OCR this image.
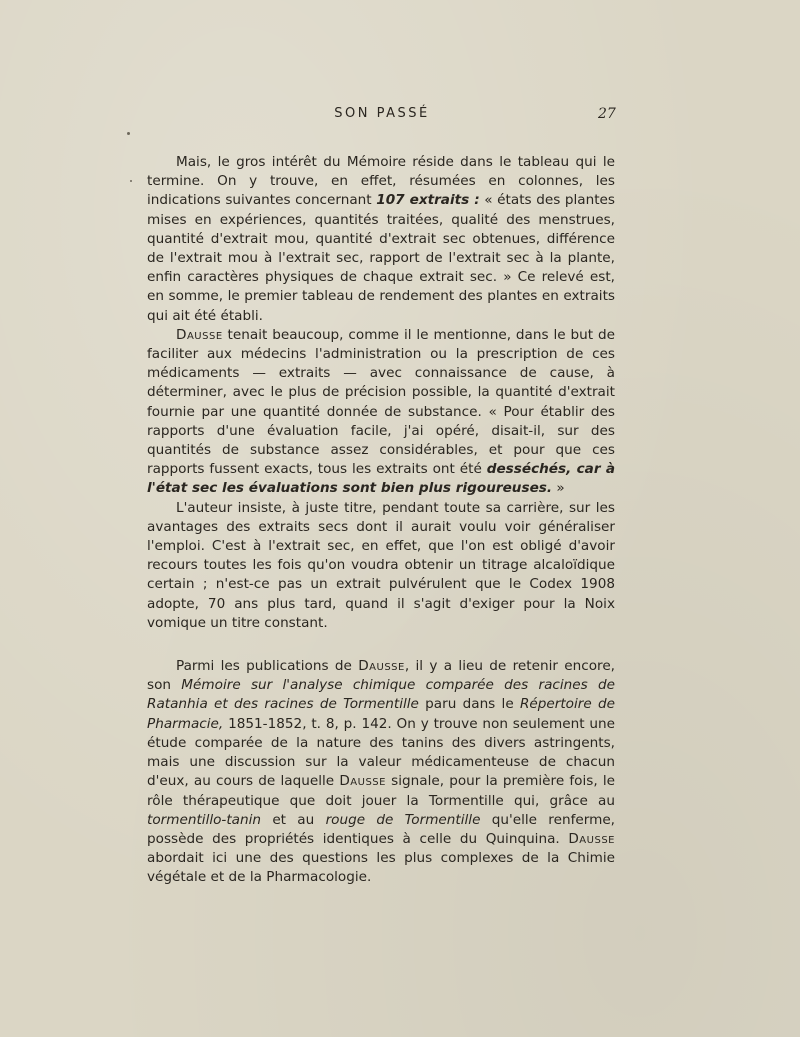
SON PASSÉ	27

Mais, le gros intérêt du Mémoire réside dans le tableau qui le termine. On y trouve, en effet, résumées en colonnes, les indications suivantes concernant 107 extraits : « états des plantes mises en expériences, quantités traitées, qualité des menstrues, quantité d'extrait mou, quantité d'extrait sec obtenues, différence de l'extrait mou à l'extrait sec, rapport de l'extrait sec à la plante, enfin caractères physiques de chaque extrait sec. » Ce relevé est, en somme, le premier tableau de rendement des plantes en extraits qui ait été établi.

Dausse tenait beaucoup, comme il le mentionne, dans le but de faciliter aux médecins l'administration ou la prescription de ces médicaments — extraits — avec connaissance de cause, à déterminer, avec le plus de précision possible, la quantité d'extrait fournie par une quantité donnée de substance. « Pour établir des rapports d'une évaluation facile, j'ai opéré, disait-il, sur des quantités de substance assez considérables, et pour que ces rapports fussent exacts, tous les extraits ont été desséchés, car à l'état sec les évaluations sont bien plus rigoureuses. »

L'auteur insiste, à juste titre, pendant toute sa carrière, sur les avantages des extraits secs dont il aurait voulu voir généraliser l'emploi. C'est à l'extrait sec, en effet, que l'on est obligé d'avoir recours toutes les fois qu'on voudra obtenir un titrage alcaloïdique certain ; n'est-ce pas un extrait pulvérulent que le Codex 1908 adopte, 70 ans plus tard, quand il s'agit d'exiger pour la Noix vomique un titre constant.

Parmi les publications de Dausse, il y a lieu de retenir encore, son Mémoire sur l'analyse chimique comparée des racines de Ratanhia et des racines de Tormentille paru dans le Répertoire de Pharmacie, 1851-1852, t. 8, p. 142. On y trouve non seulement une étude comparée de la nature des tanins des divers astringents, mais une discussion sur la valeur médicamenteuse de chacun d'eux, au cours de laquelle Dausse signale, pour la première fois, le rôle thérapeutique que doit jouer la Tormentille qui, grâce au tormentillo-tanin et au rouge de Tormentille qu'elle renferme, possède des propriétés identiques à celle du Quinquina. Dausse abordait ici une des questions les plus complexes de la Chimie végétale et de la Pharmacologie.
